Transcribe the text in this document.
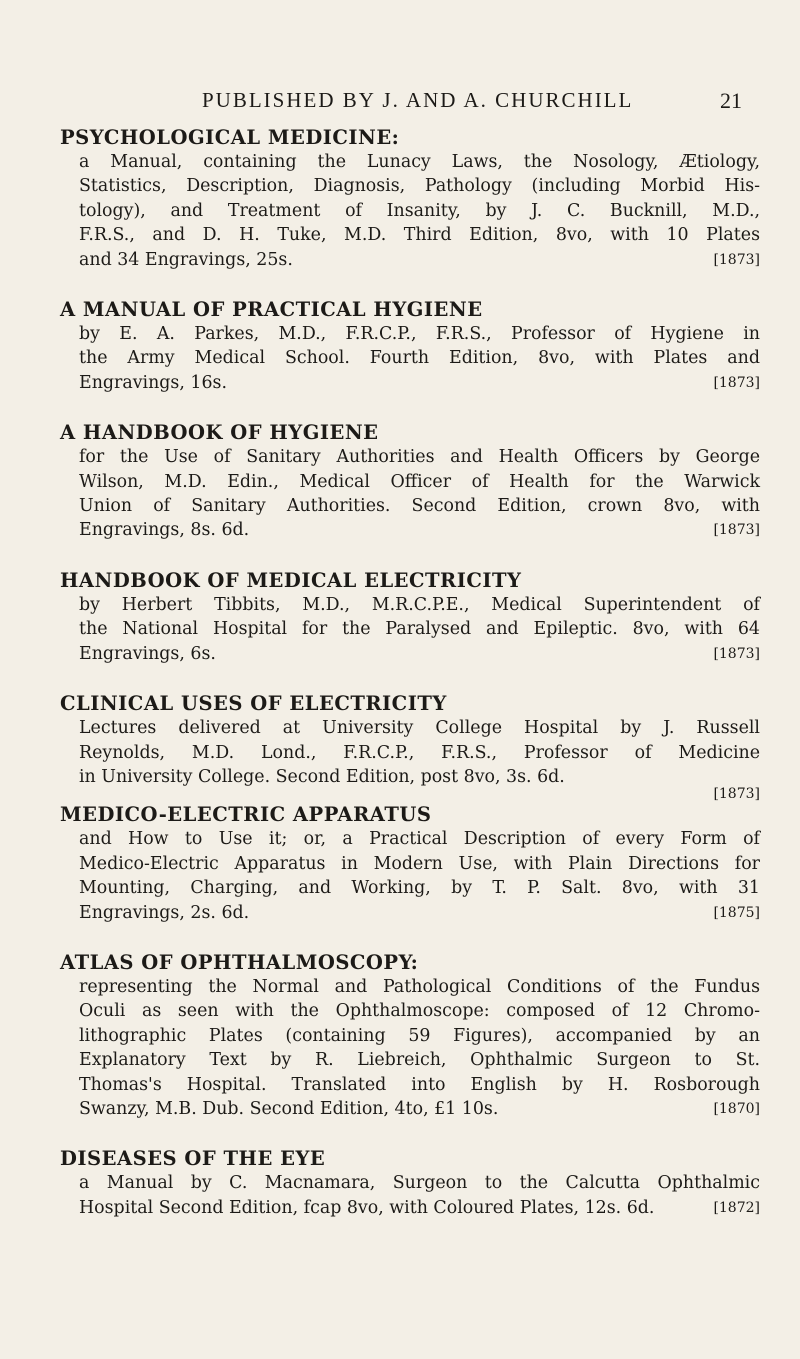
PUBLISHED BY J. AND A. CHURCHILL	21
PSYCHOLOGICAL MEDICINE:
a Manual, containing the Lunacy Laws, the Nosology, Ætiology,
Statistics, Description, Diagnosis, Pathology (including Morbid His-
tology), and Treatment of Insanity, by J. C. Bucknill, M.D.,
F.R.S., and D. H. Tuke, M.D. Third Edition, 8vo, with 10 Plates
and 34 Engravings, 25s.	[1873]
A MANUAL OF PRACTICAL HYGIENE
by E. A. Parkes, M.D., F.R.C.P., F.R.S., Professor of Hygiene in
the Army Medical School. Fourth Edition, 8vo, with Plates and
Engravings, 16s.	[1873]
A HANDBOOK OF HYGIENE
for the Use of Sanitary Authorities and Health Officers by George
Wilson, M.D. Edin., Medical Officer of Health for the Warwick
Union of Sanitary Authorities. Second Edition, crown 8vo, with
Engravings, 8s. 6d.	[1873]
HANDBOOK OF MEDICAL ELECTRICITY
by Herbert Tibbits, M.D., M.R.C.P.E., Medical Superintendent of
the National Hospital for the Paralysed and Epileptic. 8vo, with 64
Engravings, 6s.	[1873]
CLINICAL USES OF ELECTRICITY
Lectures delivered at University College Hospital by J. Russell
Reynolds, M.D. Lond., F.R.C.P., F.R.S., Professor of Medicine
in University College. Second Edition, post 8vo, 3s. 6d.
[1873]
MEDICO-ELECTRIC APPARATUS
and How to Use it; or, a Practical Description of every Form of
Medico-Electric Apparatus in Modern Use, with Plain Directions for
Mounting, Charging, and Working, by T. P. Salt. 8vo, with 31
Engravings, 2s. 6d.	[1875]
ATLAS OF OPHTHALMOSCOPY:
representing the Normal and Pathological Conditions of the Fundus
Oculi as seen with the Ophthalmoscope: composed of 12 Chromo-
lithographic Plates (containing 59 Figures), accompanied by an
Explanatory Text by R. Liebreich, Ophthalmic Surgeon to St.
Thomas's Hospital. Translated into English by H. Rosborough
Swanzy, M.B. Dub. Second Edition, 4to, £1 10s.	[1870]
DISEASES OF THE EYE
a Manual by C. Macnamara, Surgeon to the Calcutta Ophthalmic
Hospital Second Edition, fcap 8vo, with Coloured Plates, 12s. 6d.	[1872]
